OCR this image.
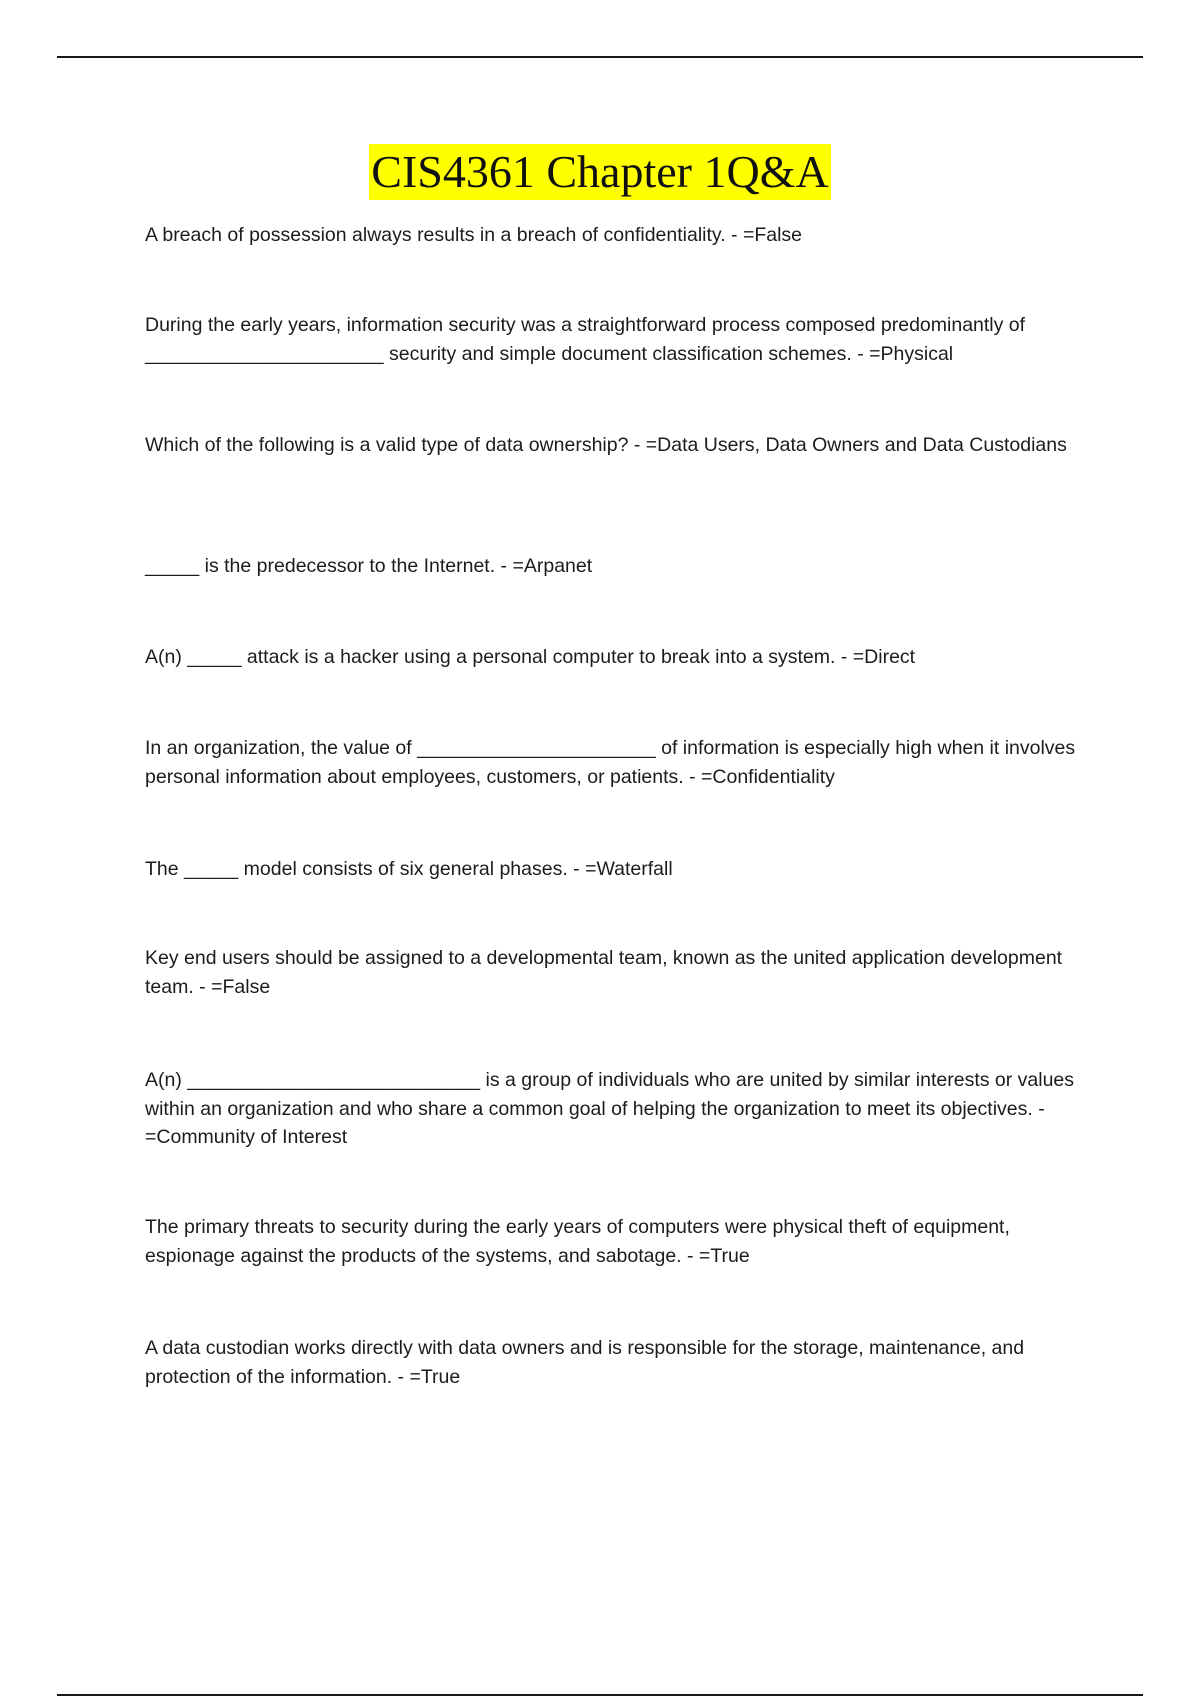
CIS4361 Chapter 1Q&A

A breach of possession always results in a breach of confidentiality. - =False

During the early years, information security was a straightforward process composed predominantly of ______________________ security and simple document classification schemes. - =Physical

Which of the following is a valid type of data ownership? - =Data Users, Data Owners and Data Custodians

_____ is the predecessor to the Internet. - =Arpanet

A(n) _____ attack is a hacker using a personal computer to break into a system. - =Direct

In an organization, the value of ______________________ of information is especially high when it involves personal information about employees, customers, or patients. - =Confidentiality

The _____ model consists of six general phases. - =Waterfall

Key end users should be assigned to a developmental team, known as the united application development team. - =False

A(n) ___________________________ is a group of individuals who are united by similar interests or values within an organization and who share a common goal of helping the organization to meet its objectives. - =Community of Interest

The primary threats to security during the early years of computers were physical theft of equipment, espionage against the products of the systems, and sabotage. - =True

A data custodian works directly with data owners and is responsible for the storage, maintenance, and protection of the information. - =True
